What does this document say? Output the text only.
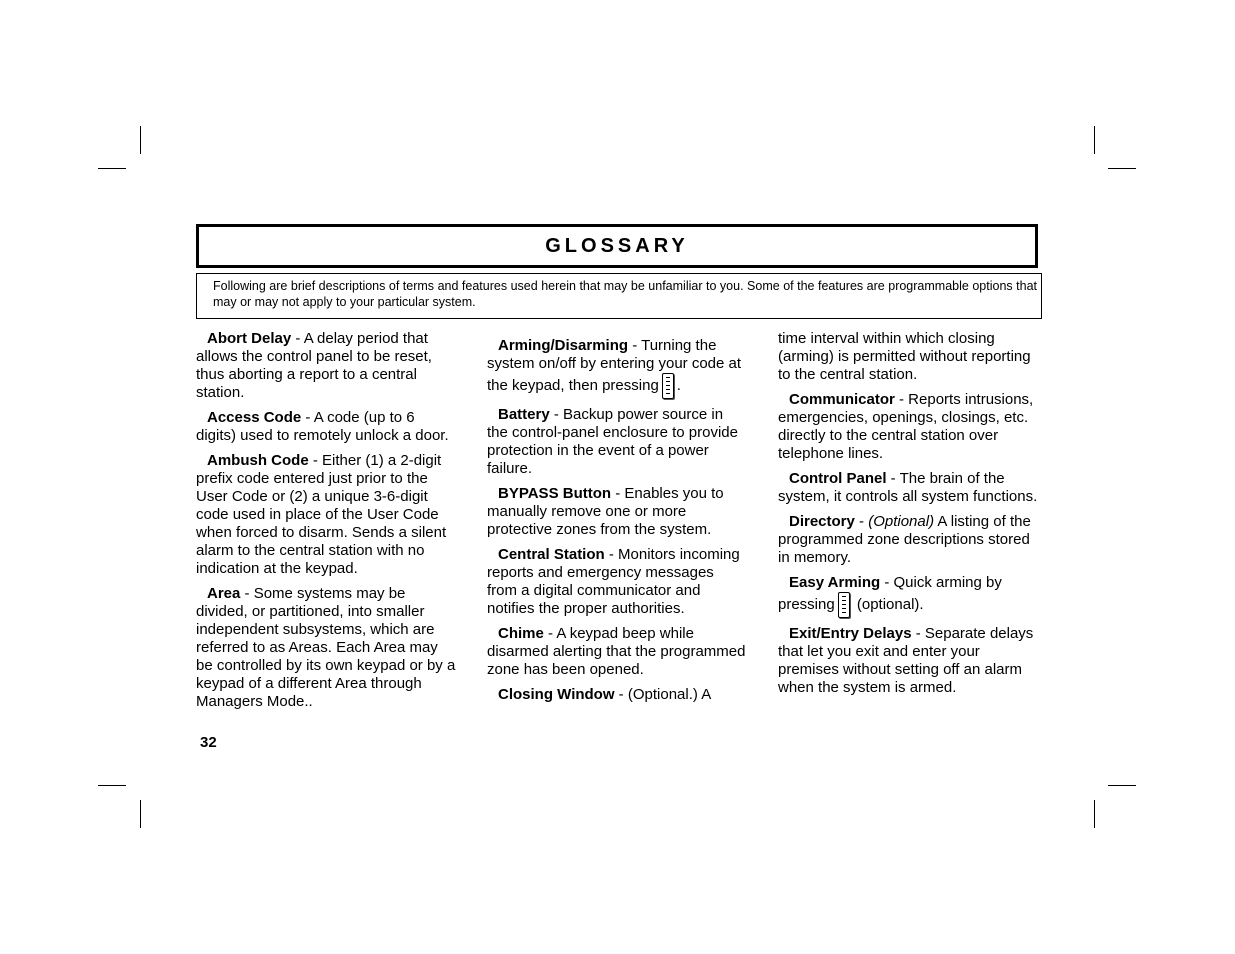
GLOSSARY
Following are brief descriptions of terms and features used herein that may be unfamiliar to you. Some of the features are programmable options that may or may not apply to your particular system.

Abort Delay - A delay period that allows the control panel to be reset, thus aborting a report to a central station.

Access Code - A code (up to 6 digits) used to remotely unlock a door.

Ambush Code - Either (1) a 2-digit prefix code entered just prior to the User Code or (2) a unique 3-6-digit code used in place of the User Code when forced to disarm. Sends a silent alarm to the central station with no indication at the keypad.

Area - Some systems may be divided, or partitioned, into smaller independent subsystems, which are referred to as Areas. Each Area may be controlled by its own keypad or by a keypad of a different Area through Managers Mode..

Arming/Disarming - Turning the system on/off by entering your code at the keypad, then pressing .

Battery - Backup power source in the control-panel enclosure to provide protection in the event of a power failure.

BYPASS Button - Enables you to manually remove one or more protective zones from the system.

Central Station - Monitors incoming reports and emergency messages from a digital communicator and notifies the proper authorities.

Chime - A keypad beep while disarmed alerting that the programmed zone has been opened.

Closing Window - (Optional.) A

time interval within which closing (arming) is permitted without reporting to the central station.

Communicator - Reports intrusions, emergencies, openings, closings, etc. directly to the central station over telephone lines.

Control Panel - The brain of the system, it controls all system functions.

Directory - (Optional) A listing of the programmed zone descriptions stored in memory.

Easy Arming - Quick arming by pressing (optional).

Exit/Entry Delays - Separate delays that let you exit and enter your premises without setting off an alarm when the system is armed.

32
